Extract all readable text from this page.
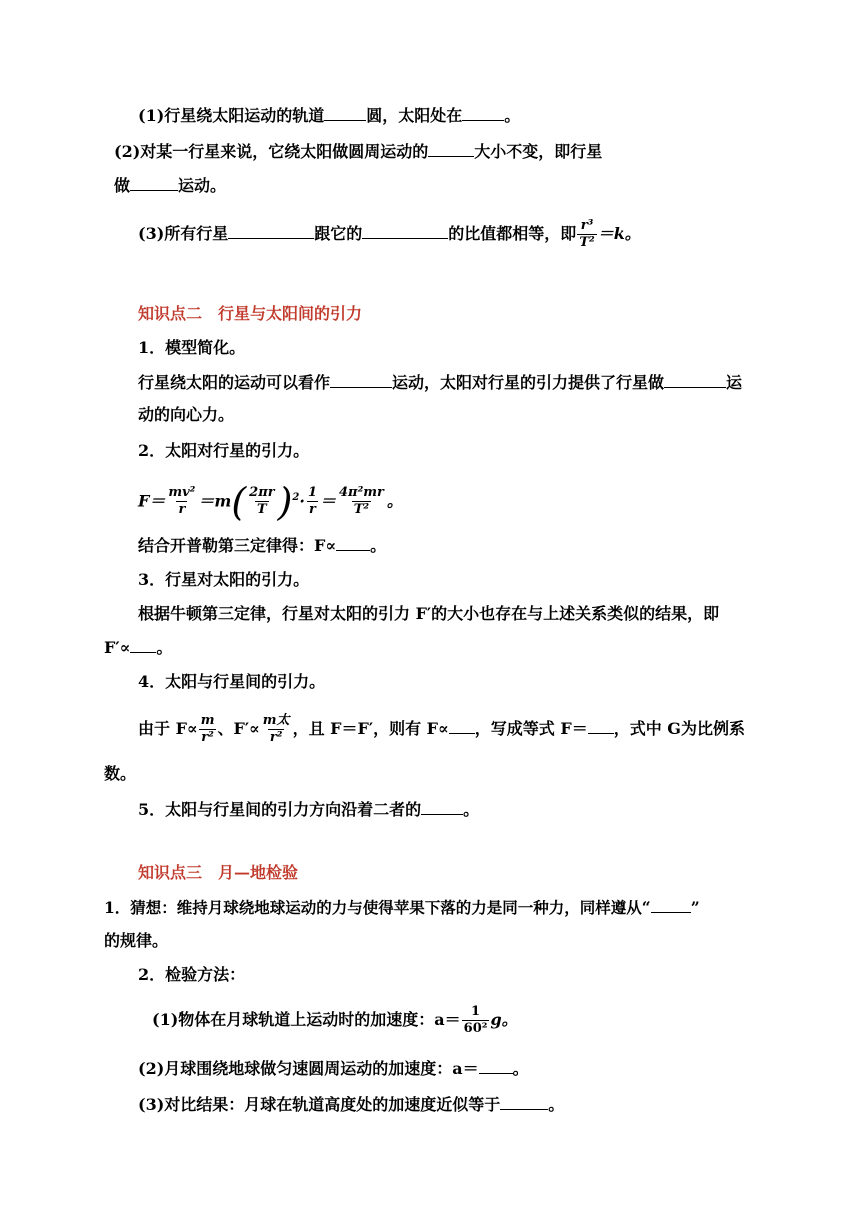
(1)行星绕太阳运动的轨道	圆，太阳处在	。
(2)对某一行星来说，它绕太阳做圆周运动的	大小不变，即行星
做	运动。
(3)所有行星	跟它的	的比值都相等，即 $\frac{\text{r³}}{\text{T²}} =k$。
知识点二　行星与太阳间的引力
1．模型简化。
行星绕太阳的运动可以看作	运动，太阳对行星的引力提供了行星做	运
动的向心力。
2．太阳对行星的引力。
$F= \frac{\text{mv²}}{r} =m( \frac{2\pi r}{T} )^2\cdot \frac{1}{r} = \frac{\text{4π²mr}}{\text{T²}}$ 。
结合开普勒第三定律得：F∝ 。
3．行星对太阳的引力。
根据牛顿第三定律，行星对太阳的引力 F′的大小也存在与上述关系类似的结果，即
F′∝ 。
4．太阳与行星间的引力。
由于 $F\propto \frac{m}{\text{r²}}$ 、$F'\propto \frac{\text{m太}}{\text{r²}}$ ，且 F＝F′，则有 F∝ ，写成等式 F＝ ，式中 G为比例系
数。
5．太阳与行星间的引力方向沿着二者的	。
知识点三　月—地检验
1．猜想：维持月球绕地球运动的力与使得苹果下落的力是同一种力，同样遵从“	”
的规律。
2．检验方法：
(1)物体在月球轨道上运动时的加速度：$a= \frac{1}{\text{60²}}$ g。
(2)月球围绕地球做匀速圆周运动的加速度：a＝ 。
(3)对比结果：月球在轨道高度处的加速度近似等于	。
